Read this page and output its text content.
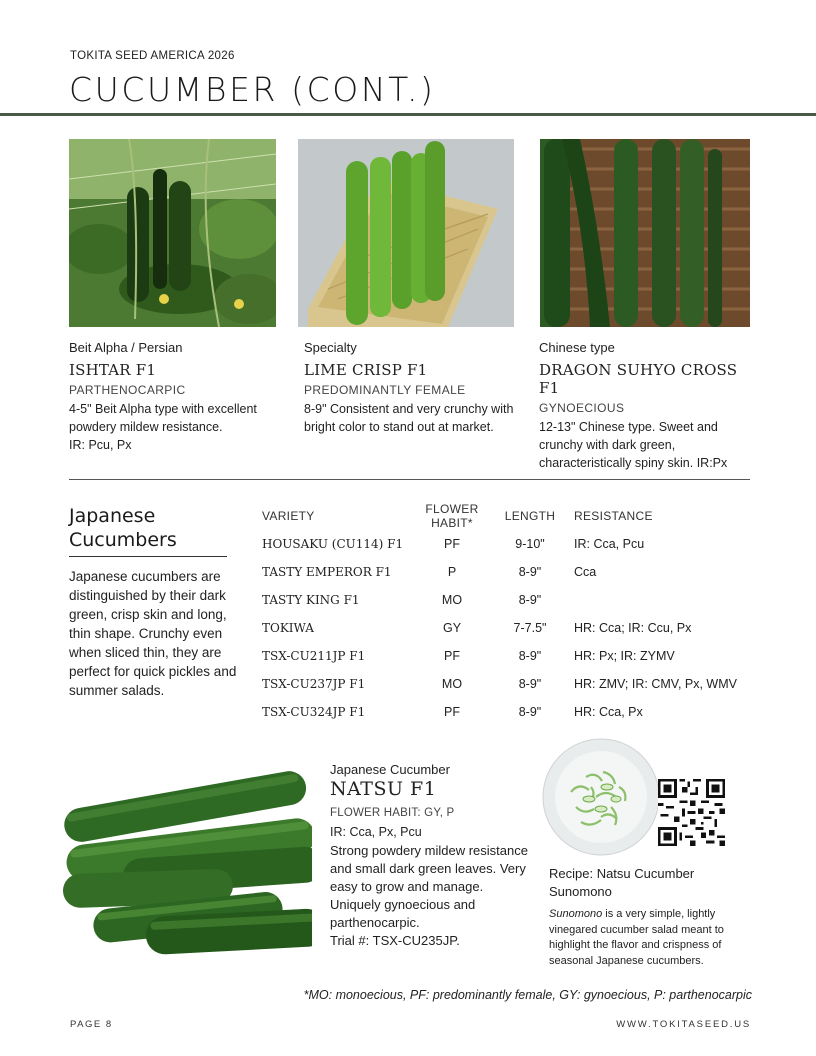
TOKITA SEED AMERICA 2026
CUCUMBER (CONT.)
Beit Alpha / Persian
ISHTAR F1
PARTHENOCARPIC
4-5" Beit Alpha type with excellent powdery mildew resistance.
IR: Pcu, Px
Specialty
LIME CRISP F1
PREDOMINANTLY FEMALE
8-9" Consistent and very crunchy with bright color to stand out at market.
Chinese type
DRAGON SUHYO CROSS F1
GYNOECIOUS
12-13" Chinese type. Sweet and crunchy with dark green, characteristically spiny skin. IR:Px
Japanese
Cucumbers
Japanese cucumbers are distinguished by their dark green, crisp skin and long, thin shape. Crunchy even when sliced thin, they are perfect for quick pickles and summer salads.
VARIETY	FLOWER HABIT*	LENGTH	RESISTANCE
HOUSAKU (CU114) F1	PF	9-10"	IR: Cca, Pcu
TASTY EMPEROR F1	P	8-9"	Cca
TASTY KING F1	MO	8-9"	
TOKIWA	GY	7-7.5"	HR: Cca; IR: Ccu, Px
TSX-CU211JP F1	PF	8-9"	HR: Px; IR: ZYMV
TSX-CU237JP F1	MO	8-9"	HR: ZMV; IR: CMV, Px, WMV
TSX-CU324JP F1	PF	8-9"	HR: Cca, Px
Japanese Cucumber
NATSU F1
FLOWER HABIT: GY, P
IR: Cca, Px, Pcu
Strong powdery mildew resistance and small dark green leaves. Very easy to grow and manage. Uniquely gynoecious and parthenocarpic.
Trial #: TSX-CU235JP.
Recipe: Natsu Cucumber Sunomono
Sunomono is a very simple, lightly vinegared cucumber salad meant to highlight the flavor and crispness of seasonal Japanese cucumbers.
*MO: monoecious, PF: predominantly female, GY: gynoecious, P: parthenocarpic
PAGE 8	WWW.TOKITASEED.US
